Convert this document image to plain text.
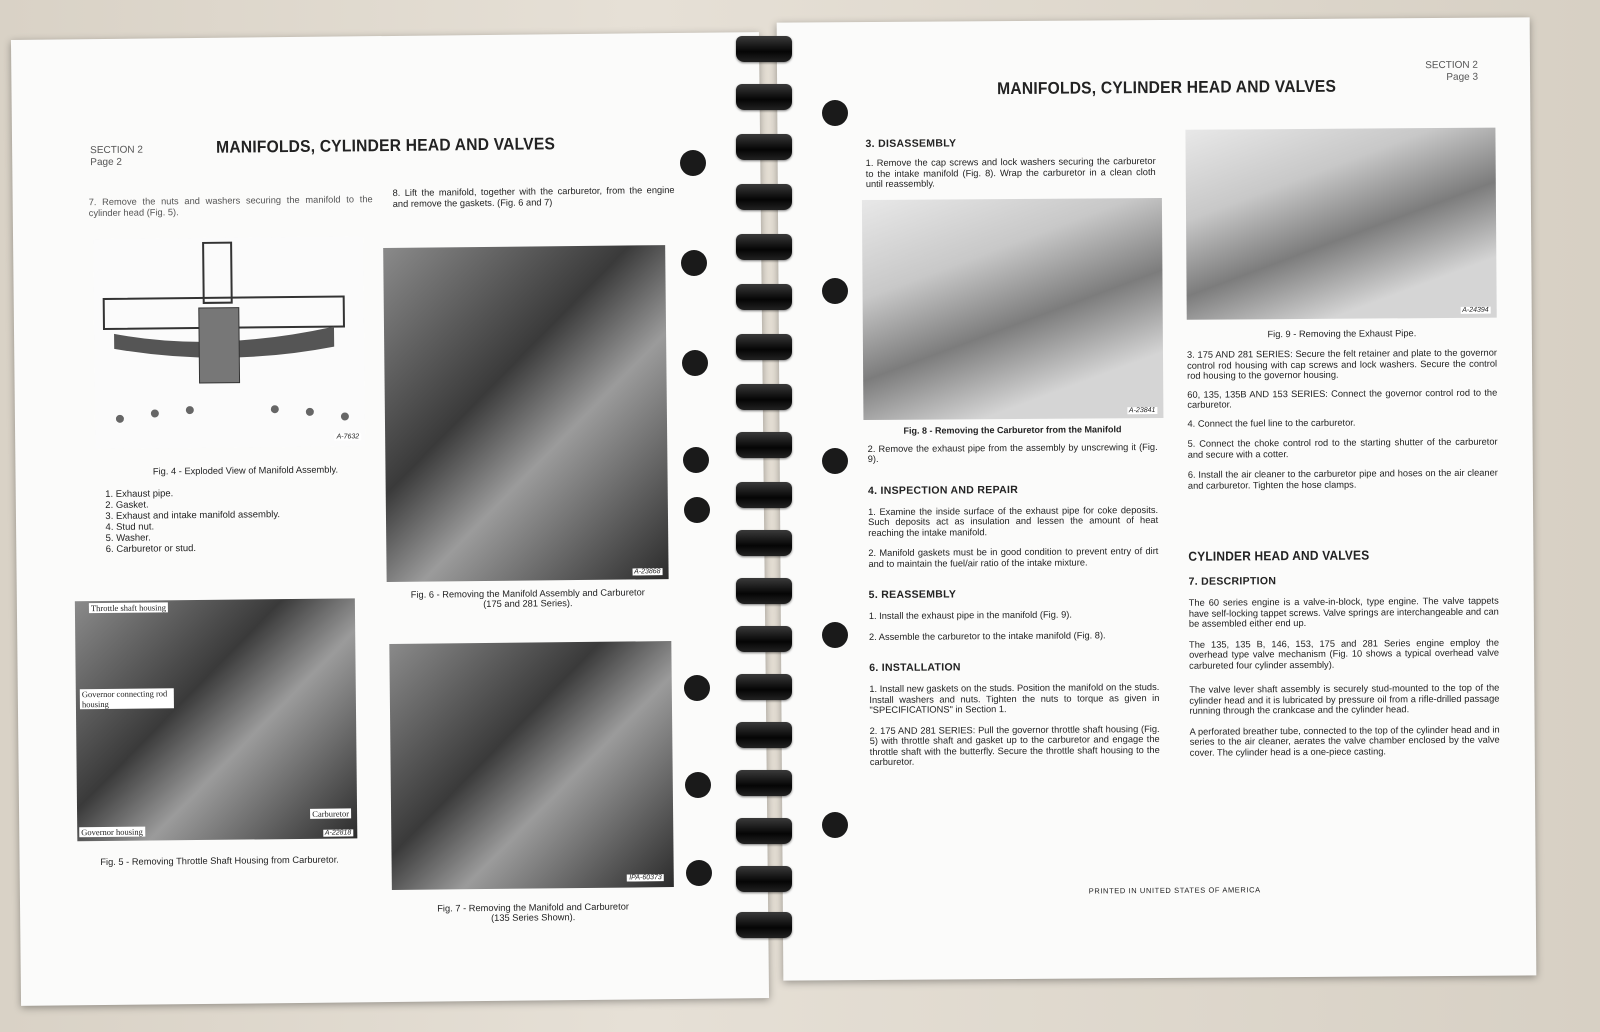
SECTION 2
Page 2
MANIFOLDS, CYLINDER HEAD AND VALVES
7. Remove the nuts and washers securing the manifold to the cylinder head (Fig. 5).
8. Lift the manifold, together with the carburetor, from the engine and remove the gaskets. (Fig. 6 and 7)
A-7632
Fig. 4 - Exploded View of Manifold Assembly.
1. Exhaust pipe.
2. Gasket.
3. Exhaust and intake manifold assembly.
4. Stud nut.
5. Washer.
6. Carburetor or stud.
A-23868
Fig. 6 - Removing the Manifold Assembly and Carburetor
(175 and 281 Series).
Throttle shaft housing
Governor connecting rod housing
Carburetor
Governor housing	A-22818
Fig. 5 - Removing Throttle Shaft Housing from Carburetor.
IPA-60373
Fig. 7 - Removing the Manifold and Carburetor
(135 Series Shown).
SECTION 2
Page 3
MANIFOLDS, CYLINDER HEAD AND VALVES
3. DISASSEMBLY
1. Remove the cap screws and lock washers securing the carburetor to the intake manifold (Fig. 8). Wrap the carburetor in a clean cloth until reassembly.
A-23841
Fig. 8 - Removing the Carburetor from the Manifold
2. Remove the exhaust pipe from the assembly by unscrewing it (Fig. 9).
4. INSPECTION AND REPAIR
1. Examine the inside surface of the exhaust pipe for coke deposits. Such deposits act as insulation and lessen the amount of heat reaching the intake manifold.
2. Manifold gaskets must be in good condition to prevent entry of dirt and to maintain the fuel/air ratio of the intake mixture.
5. REASSEMBLY
1. Install the exhaust pipe in the manifold (Fig. 9).
2. Assemble the carburetor to the intake manifold (Fig. 8).
6. INSTALLATION
1. Install new gaskets on the studs. Position the manifold on the studs. Install washers and nuts. Tighten the nuts to torque as given in "SPECIFICATIONS" in Section 1.
2. 175 AND 281 SERIES: Pull the governor throttle shaft housing (Fig. 5) with throttle shaft and gasket up to the carburetor and engage the throttle shaft with the butterfly. Secure the throttle shaft housing to the carburetor.
A-24394
Fig. 9 - Removing the Exhaust Pipe.
3. 175 AND 281 SERIES: Secure the felt retainer and plate to the governor control rod housing with cap screws and lock washers. Secure the control rod housing to the governor housing.
60, 135, 135B AND 153 SERIES: Connect the governor control rod to the carburetor.
4. Connect the fuel line to the carburetor.
5. Connect the choke control rod to the starting shutter of the carburetor and secure with a cotter.
6. Install the air cleaner to the carburetor pipe and hoses on the air cleaner and carburetor. Tighten the hose clamps.
CYLINDER HEAD AND VALVES
7. DESCRIPTION
The 60 series engine is a valve-in-block, type engine. The valve tappets have self-locking tappet screws. Valve springs are interchangeable and can be assembled either end up.
The 135, 135 B, 146, 153, 175 and 281 Series engine employ the overhead type valve mechanism (Fig. 10 shows a typical overhead valve carbureted four cylinder assembly).
The valve lever shaft assembly is securely stud-mounted to the top of the cylinder head and it is lubricated by pressure oil from a rifle-drilled passage running through the crankcase and the cylinder head.
A perforated breather tube, connected to the top of the cylinder head and in series to the air cleaner, aerates the valve chamber enclosed by the valve cover. The cylinder head is a one-piece casting.
PRINTED IN UNITED STATES OF AMERICA
